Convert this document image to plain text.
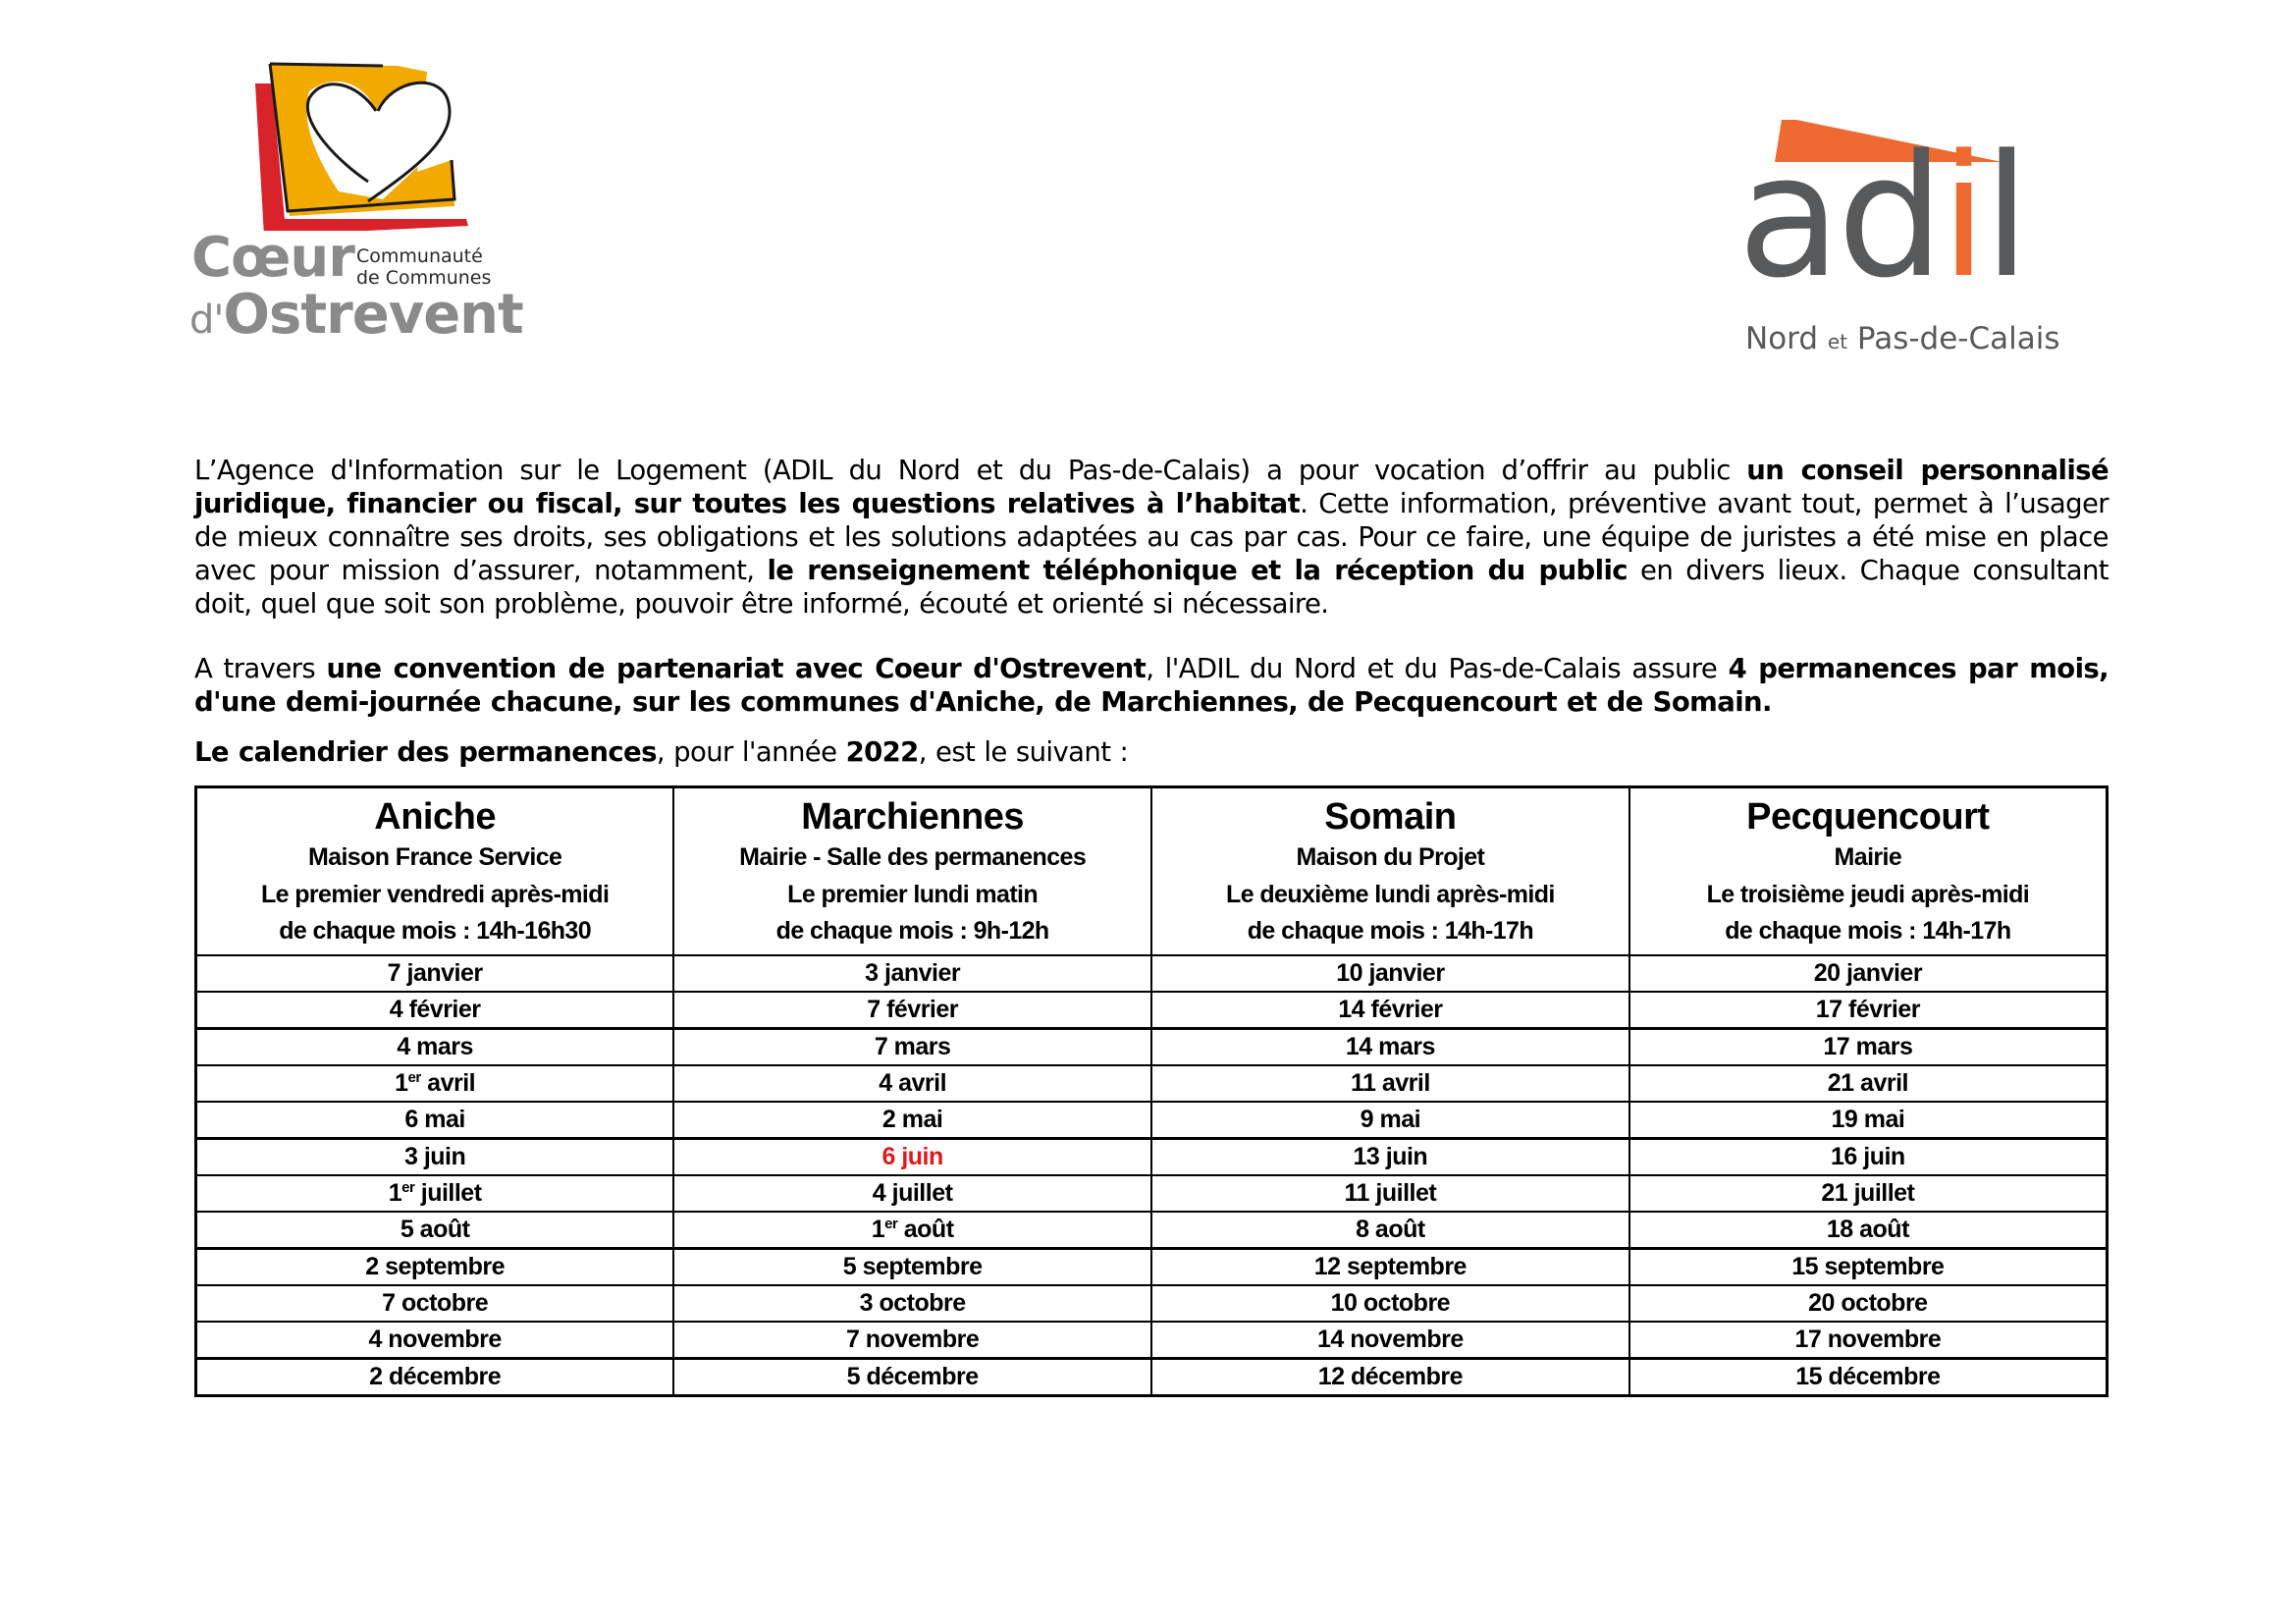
Cœur Communauté
de Communes
d'Ostrevent	adil
Nord et Pas-de-Calais
L’Agence d'Information sur le Logement (ADIL du Nord et du Pas-de-Calais) a pour vocation d’offrir au public un conseil personnalisé juridique, financier ou fiscal, sur toutes les questions relatives à l’habitat. Cette information, préventive avant tout, permet à l’usager de mieux connaître ses droits, ses obligations et les solutions adaptées au cas par cas. Pour ce faire, une équipe de juristes a été mise en place avec pour mission d’assurer, notamment, le renseignement téléphonique et la réception du public en divers lieux. Chaque consultant doit, quel que soit son problème, pouvoir être informé, écouté et orienté si nécessaire.
A travers une convention de partenariat avec Coeur d'Ostrevent, l'ADIL du Nord et du Pas-de-Calais assure 4 permanences par mois, d'une demi-journée chacune, sur les communes d'Aniche, de Marchiennes, de Pecquencourt et de Somain.
Le calendrier des permanences, pour l'année 2022, est le suivant :
Aniche
Maison France Service
Le premier vendredi après-midi
de chaque mois : 14h-16h30	Marchiennes
Mairie - Salle des permanences
Le premier lundi matin
de chaque mois : 9h-12h	Somain
Maison du Projet
Le deuxième lundi après-midi
de chaque mois : 14h-17h	Pecquencourt
Mairie
Le troisième jeudi après-midi
de chaque mois : 14h-17h

7 janvier	3 janvier	10 janvier	20 janvier
4 février	7 février	14 février	17 février
4 mars	7 mars	14 mars	17 mars
1er avril	4 avril	11 avril	21 avril
6 mai	2 mai	9 mai	19 mai
3 juin	6 juin	13 juin	16 juin
1er juillet	4 juillet	11 juillet	21 juillet
5 août	1er août	8 août	18 août
2 septembre	5 septembre	12 septembre	15 septembre
7 octobre	3 octobre	10 octobre	20 octobre
4 novembre	7 novembre	14 novembre	17 novembre
2 décembre	5 décembre	12 décembre	15 décembre
